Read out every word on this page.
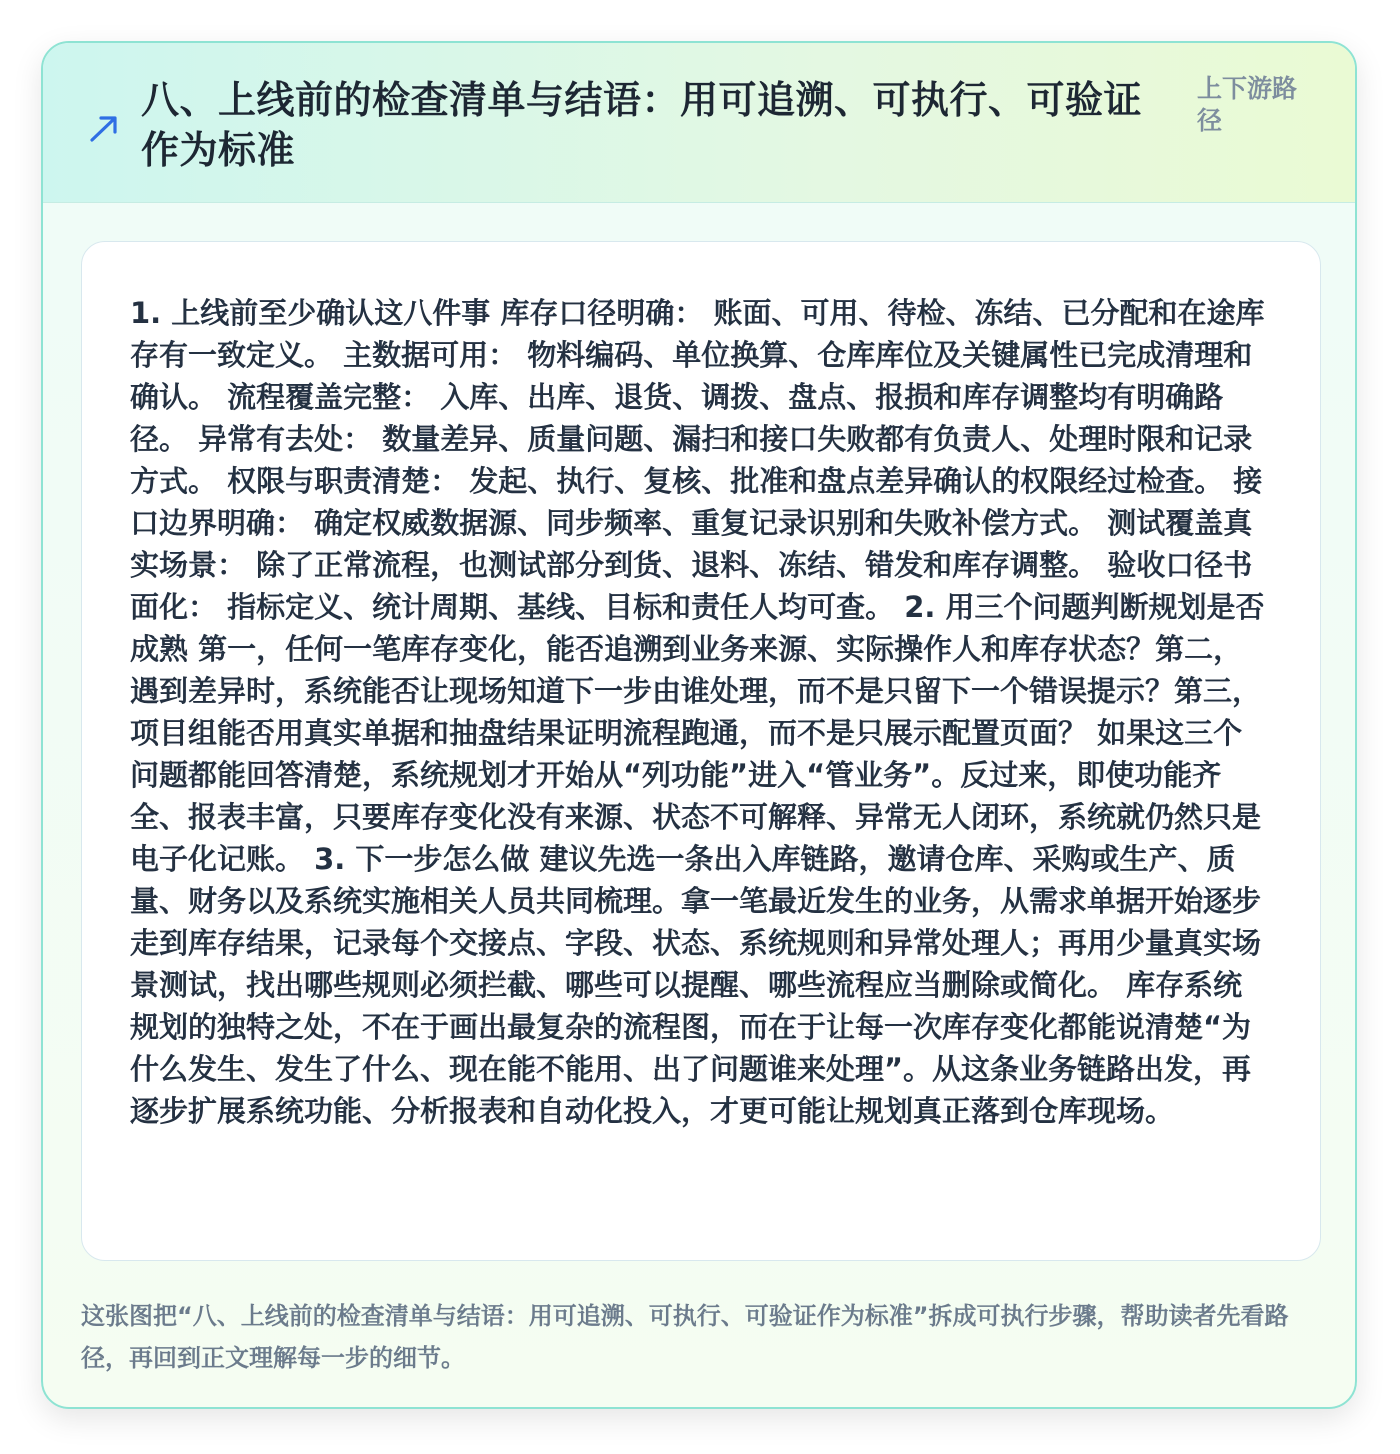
八、上线前的检查清单与结语：用可追溯、可执行、可验证作为标准
上下游路径
1. 上线前至少确认这八件事 库存口径明确： 账面、可用、待检、冻结、已分配和在途库存有一致定义。 主数据可用： 物料编码、单位换算、仓库库位及关键属性已完成清理和确认。 流程覆盖完整： 入库、出库、退货、调拨、盘点、报损和库存调整均有明确路径。 异常有去处： 数量差异、质量问题、漏扫和接口失败都有负责人、处理时限和记录方式。 权限与职责清楚： 发起、执行、复核、批准和盘点差异确认的权限经过检查。 接口边界明确： 确定权威数据源、同步频率、重复记录识别和失败补偿方式。 测试覆盖真实场景： 除了正常流程，也测试部分到货、退料、冻结、错发和库存调整。 验收口径书面化： 指标定义、统计周期、基线、目标和责任人均可查。 2. 用三个问题判断规划是否成熟 第一，任何一笔库存变化，能否追溯到业务来源、实际操作人和库存状态？第二，遇到差异时，系统能否让现场知道下一步由谁处理，而不是只留下一个错误提示？第三，项目组能否用真实单据和抽盘结果证明流程跑通，而不是只展示配置页面？ 如果这三个问题都能回答清楚，系统规划才开始从“列功能”进入“管业务”。反过来，即使功能齐全、报表丰富，只要库存变化没有来源、状态不可解释、异常无人闭环，系统就仍然只是电子化记账。 3. 下一步怎么做 建议先选一条出入库链路，邀请仓库、采购或生产、质量、财务以及系统实施相关人员共同梳理。拿一笔最近发生的业务，从需求单据开始逐步走到库存结果，记录每个交接点、字段、状态、系统规则和异常处理人；再用少量真实场景测试，找出哪些规则必须拦截、哪些可以提醒、哪些流程应当删除或简化。 库存系统规划的独特之处，不在于画出最复杂的流程图，而在于让每一次库存变化都能说清楚“为什么发生、发生了什么、现在能不能用、出了问题谁来处理”。从这条业务链路出发，再逐步扩展系统功能、分析报表和自动化投入，才更可能让规划真正落到仓库现场。
这张图把“八、上线前的检查清单与结语：用可追溯、可执行、可验证作为标准”拆成可执行步骤，帮助读者先看路径，再回到正文理解每一步的细节。
